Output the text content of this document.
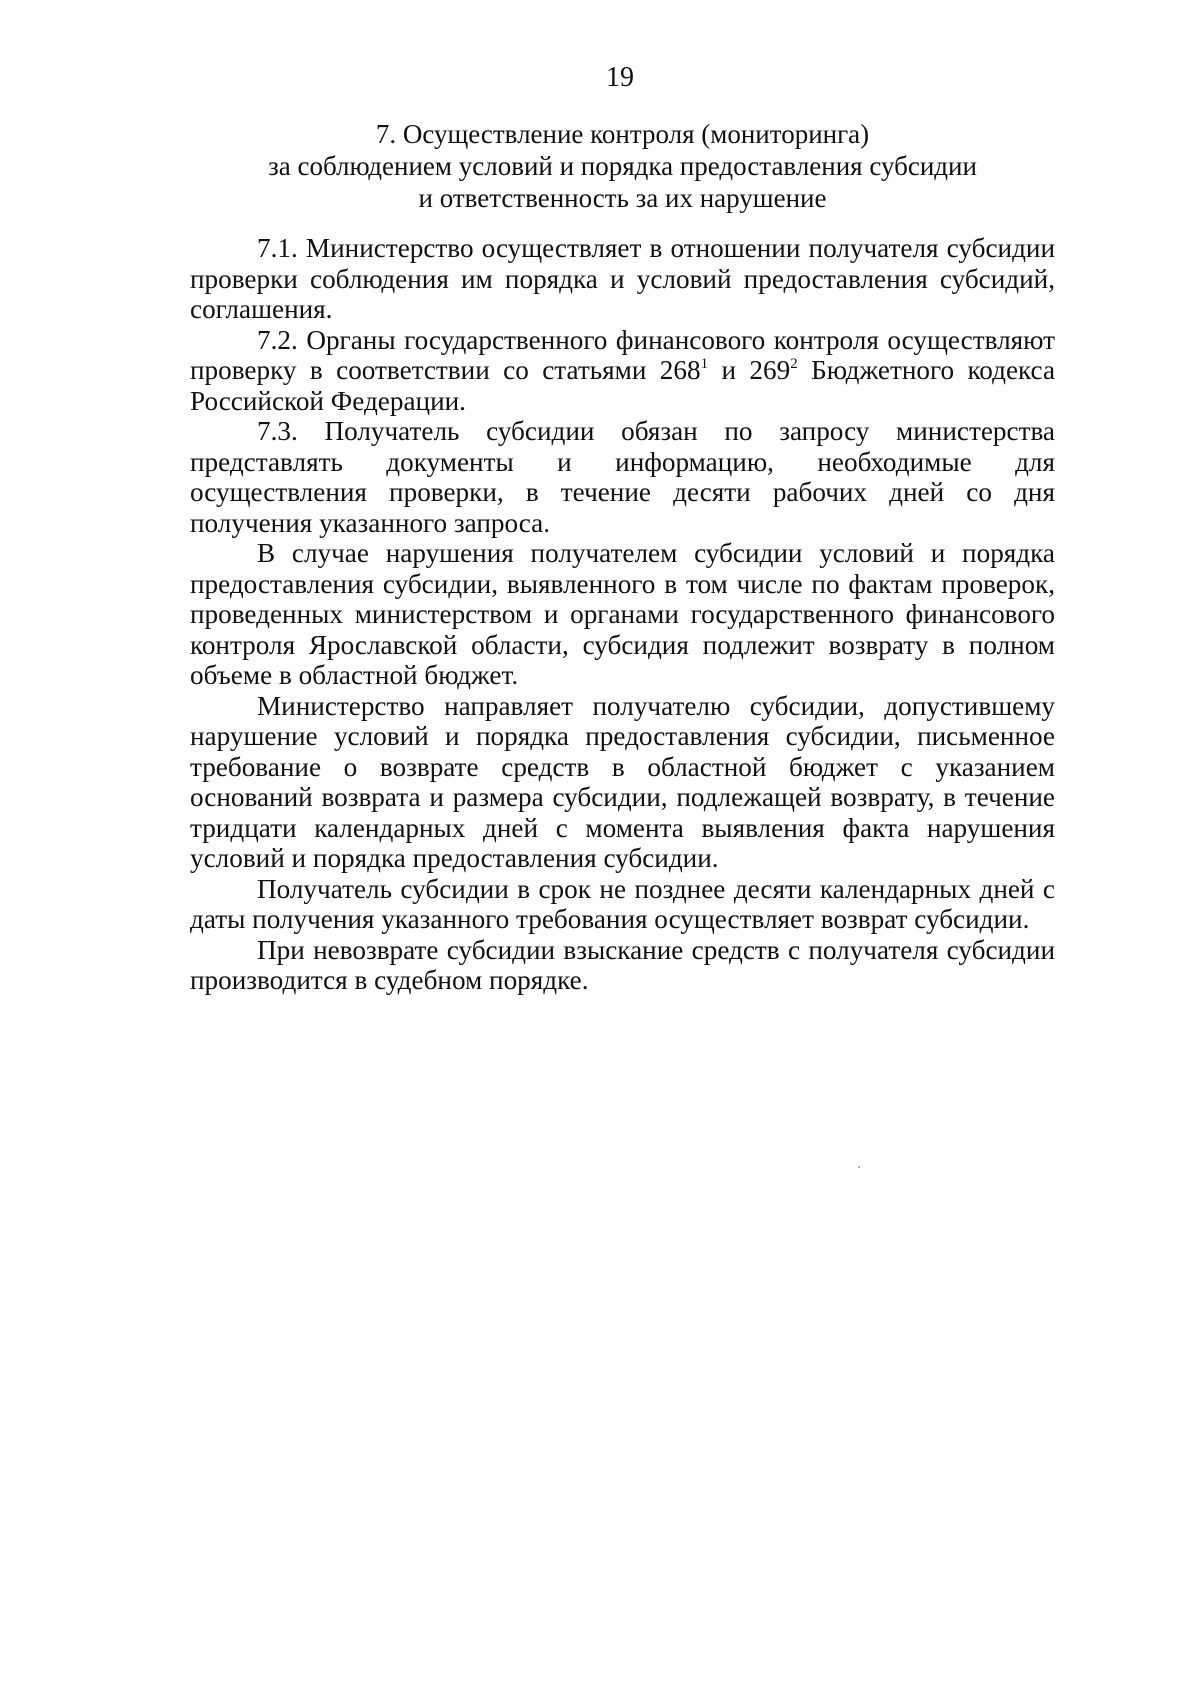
19
7. Осуществление контроля (мониторинга)
за соблюдением условий и порядка предоставления субсидии
и ответственность за их нарушение

7.1. Министерство осуществляет в отношении получателя субсидии проверки соблюдения им порядка и условий предоставления субсидий, соглашения.

7.2. Органы государственного финансового контроля осуществляют проверку в соответствии со статьями $268^1$ и $269^2$ Бюджетного кодекса Российской Федерации.

7.3. Получатель субсидии обязан по запросу министерства представлять документы и информацию, необходимые для осуществления проверки, в течение десяти рабочих дней со дня получения указанного запроса.

В случае нарушения получателем субсидии условий и порядка предоставления субсидии, выявленного в том числе по фактам проверок, проведенных министерством и органами государственного финансового контроля Ярославской области, субсидия подлежит возврату в полном объеме в областной бюджет.

Министерство направляет получателю субсидии, допустившему нарушение условий и порядка предоставления субсидии, письменное требование о возврате средств в областной бюджет с указанием оснований возврата и размера субсидии, подлежащей возврату, в течение тридцати календарных дней с момента выявления факта нарушения условий и порядка предоставления субсидии.

Получатель субсидии в срок не позднее десяти календарных дней с даты получения указанного требования осуществляет возврат субсидии.

При невозврате субсидии взыскание средств с получателя субсидии производится в судебном порядке.
